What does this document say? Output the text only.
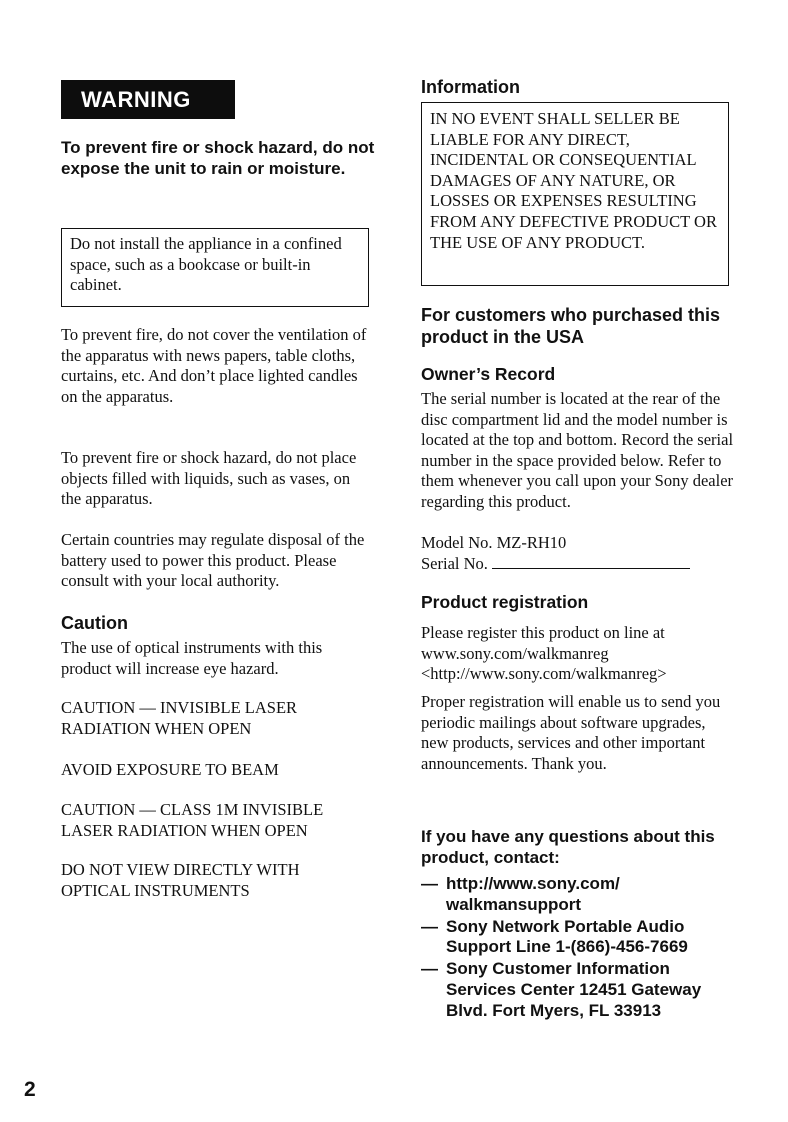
WARNING

To prevent fire or shock hazard, do not expose the unit to rain or moisture.

Do not install the appliance in a confined space, such as a bookcase or built-in cabinet.

To prevent fire, do not cover the ventilation of the apparatus with news papers, table cloths, curtains, etc. And don’t place lighted candles on the apparatus.

To prevent fire or shock hazard, do not place objects filled with liquids, such as vases, on the apparatus.

Certain countries may regulate disposal of the battery used to power this product. Please consult with your local authority.

Caution

The use of optical instruments with this product will increase eye hazard.

CAUTION — INVISIBLE LASER RADIATION WHEN OPEN

AVOID EXPOSURE TO BEAM

CAUTION — CLASS 1M INVISIBLE LASER RADIATION WHEN OPEN

DO NOT VIEW DIRECTLY WITH OPTICAL INSTRUMENTS

Information

IN NO EVENT SHALL SELLER BE LIABLE FOR ANY DIRECT, INCIDENTAL OR CONSEQUENTIAL DAMAGES OF ANY NATURE, OR LOSSES OR EXPENSES RESULTING FROM ANY DEFECTIVE PRODUCT OR THE USE OF ANY PRODUCT.

For customers who purchased this product in the USA

Owner’s Record

The serial number is located at the rear of the disc compartment lid and the model number is located at the top and bottom. Record the serial number in the space provided below. Refer to them whenever you call upon your Sony dealer regarding this product.

Model No. MZ-RH10

Serial No.

Product registration

Please register this product on line at www.sony.com/walkmanreg <http://www.sony.com/walkmanreg>

Proper registration will enable us to send you periodic mailings about software upgrades, new products, services and other important announcements. Thank you.

If you have any questions about this product, contact:

— http://www.sony.com/ walkmansupport
— Sony Network Portable Audio Support Line 1-(866)-456-7669
— Sony Customer Information Services Center 12451 Gateway Blvd. Fort Myers, FL 33913
2
